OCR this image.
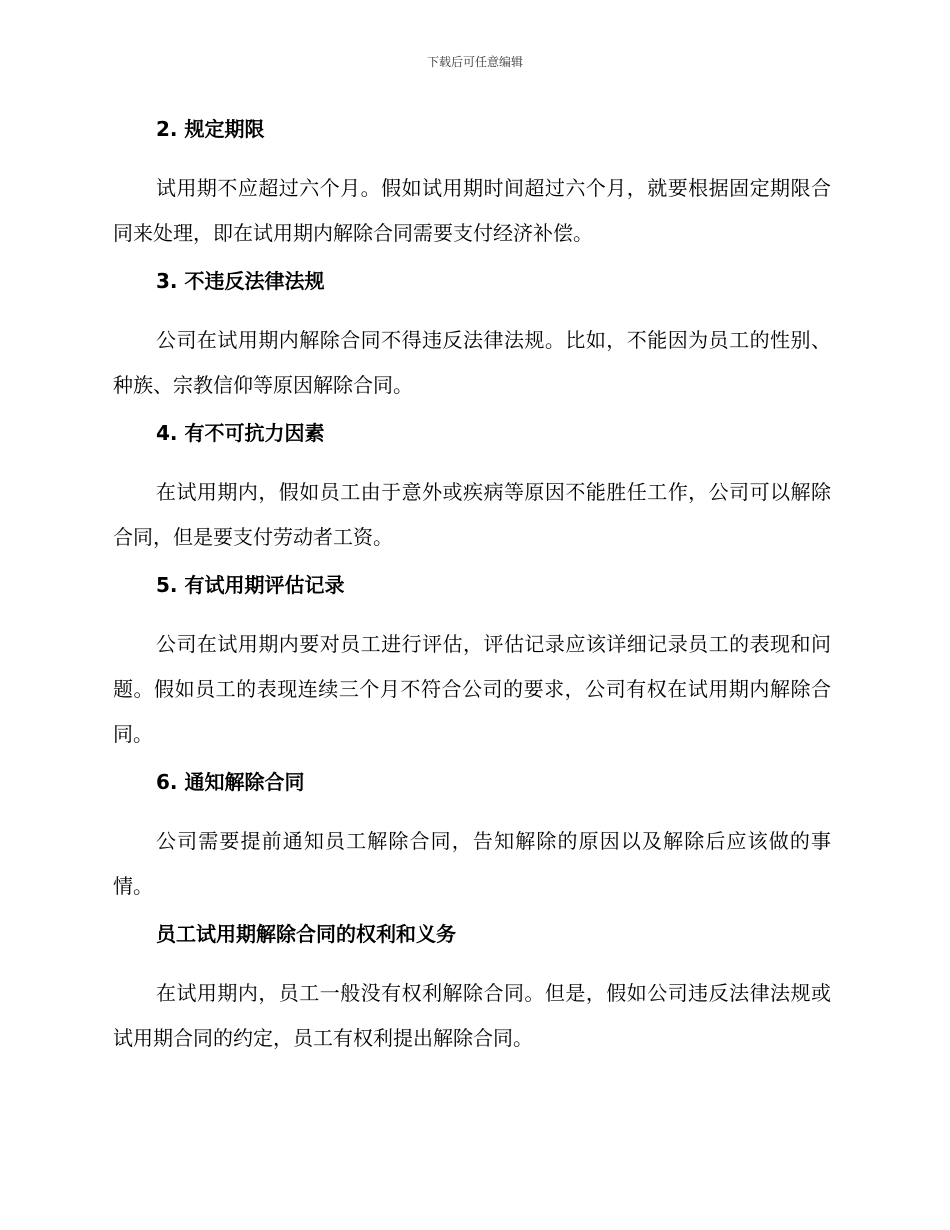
下载后可任意编辑
2. 规定期限

试用期不应超过六个月。假如试用期时间超过六个月，就要根据固定期限合同来处理，即在试用期内解除合同需要支付经济补偿。

3. 不违反法律法规

公司在试用期内解除合同不得违反法律法规。比如，不能因为员工的性别、种族、宗教信仰等原因解除合同。

4. 有不可抗力因素

在试用期内，假如员工由于意外或疾病等原因不能胜任工作，公司可以解除合同，但是要支付劳动者工资。

5. 有试用期评估记录

公司在试用期内要对员工进行评估，评估记录应该详细记录员工的表现和问题。假如员工的表现连续三个月不符合公司的要求，公司有权在试用期内解除合同。

6. 通知解除合同

公司需要提前通知员工解除合同，告知解除的原因以及解除后应该做的事情。

员工试用期解除合同的权利和义务

在试用期内，员工一般没有权利解除合同。但是，假如公司违反法律法规或试用期合同的约定，员工有权利提出解除合同。
